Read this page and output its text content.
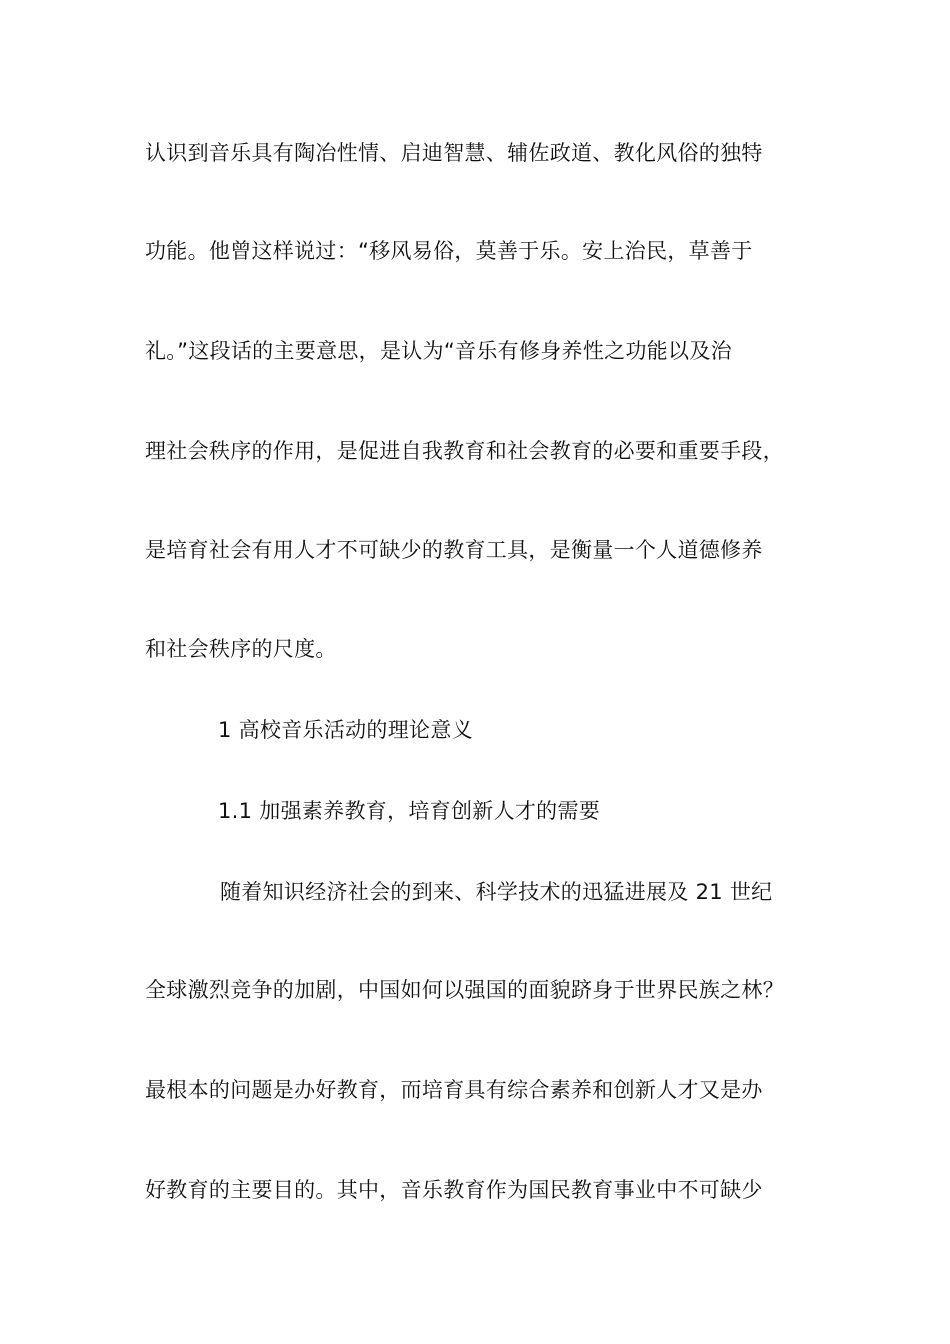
认识到音乐具有陶冶性情、启迪智慧、辅佐政道、教化风俗的独特
功能。他曾这样说过：“移风易俗，莫善于乐。安上治民，草善于
礼。”这段话的主要意思，是认为“音乐有修身养性之功能以及治
理社会秩序的作用，是促进自我教育和社会教育的必要和重要手段，
是培育社会有用人才不可缺少的教育工具，是衡量一个人道德修养
和社会秩序的尺度。
1 高校音乐活动的理论意义
1.1 加强素养教育，培育创新人才的需要
随着知识经济社会的到来、科学技术的迅猛进展及 21 世纪
全球激烈竞争的加剧，中国如何以强国的面貌跻身于世界民族之林？
最根本的问题是办好教育，而培育具有综合素养和创新人才又是办
好教育的主要目的。其中，音乐教育作为国民教育事业中不可缺少
